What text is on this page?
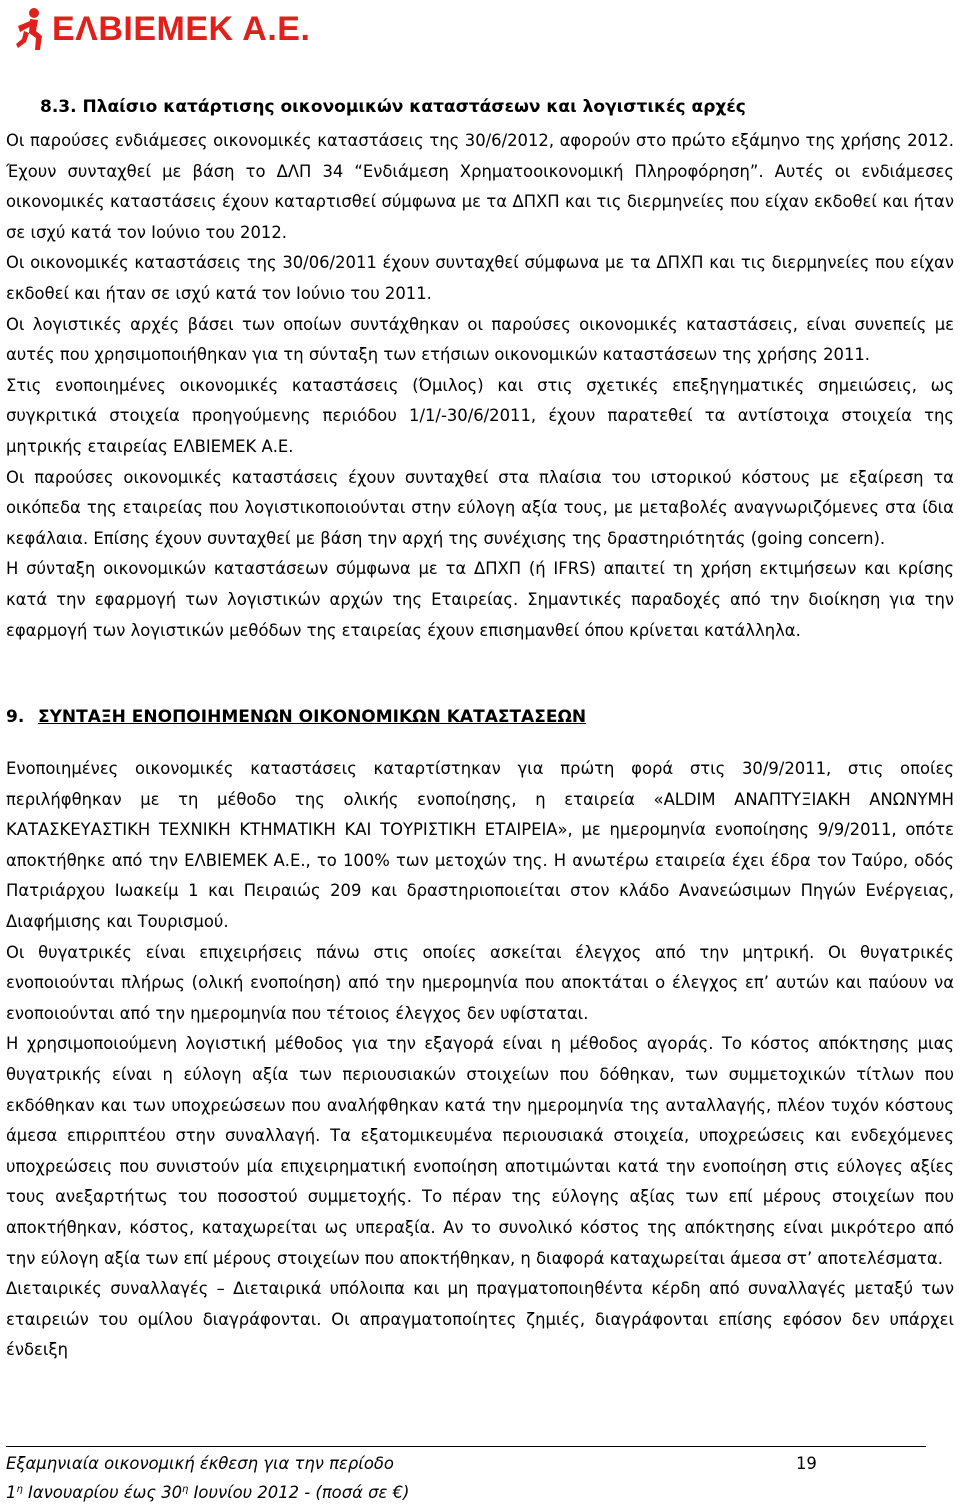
ΕΛΒΙΕΜΕΚ Α.Ε.
8.3. Πλαίσιο κατάρτισης οικονομικών καταστάσεων και λογιστικές αρχές

Οι παρούσες ενδιάμεσες οικονομικές καταστάσεις της 30/6/2012, αφορούν στο πρώτο εξάμηνο της χρήσης 2012. Έχουν συνταχθεί με βάση το ΔΛΠ 34 “Ενδιάμεση Χρηματοοικονομική Πληροφόρηση”. Αυτές οι ενδιάμεσες οικονομικές καταστάσεις έχουν καταρτισθεί σύμφωνα με τα ΔΠΧΠ και τις διερμηνείες που είχαν εκδοθεί και ήταν σε ισχύ κατά τον Ιούνιο του 2012.

Οι οικονομικές καταστάσεις της 30/06/2011 έχουν συνταχθεί σύμφωνα με τα ΔΠΧΠ και τις διερμηνείες που είχαν εκδοθεί και ήταν σε ισχύ κατά τον Ιούνιο του 2011.

Οι λογιστικές αρχές βάσει των οποίων συντάχθηκαν οι παρούσες οικονομικές καταστάσεις, είναι συνεπείς με αυτές που χρησιμοποιήθηκαν για τη σύνταξη των ετήσιων οικονομικών καταστάσεων της χρήσης 2011.

Στις ενοποιημένες οικονομικές καταστάσεις (Όμιλος) και στις σχετικές επεξηγηματικές σημειώσεις, ως συγκριτικά στοιχεία προηγούμενης περιόδου 1/1/-30/6/2011, έχουν παρατεθεί τα αντίστοιχα στοιχεία της μητρικής εταιρείας ΕΛΒΙΕΜΕΚ Α.Ε.

Οι παρούσες οικονομικές καταστάσεις έχουν συνταχθεί στα πλαίσια του ιστορικού κόστους με εξαίρεση τα οικόπεδα της εταιρείας που λογιστικοποιούνται στην εύλογη αξία τους, με μεταβολές αναγνωριζόμενες στα ίδια κεφάλαια. Επίσης έχουν συνταχθεί με βάση την αρχή της συνέχισης της δραστηριότητάς (going concern).

Η σύνταξη οικονομικών καταστάσεων σύμφωνα με τα ΔΠΧΠ (ή IFRS) απαιτεί τη χρήση εκτιμήσεων και κρίσης κατά την εφαρμογή των λογιστικών αρχών της Εταιρείας. Σημαντικές παραδοχές από την διοίκηση για την εφαρμογή των λογιστικών μεθόδων της εταιρείας έχουν επισημανθεί όπου κρίνεται κατάλληλα.

9. ΣΥΝΤΑΞΗ ΕΝΟΠΟΙΗΜΕΝΩΝ ΟΙΚΟΝΟΜΙΚΩΝ ΚΑΤΑΣΤΑΣΕΩΝ

Ενοποιημένες οικονομικές καταστάσεις καταρτίστηκαν για πρώτη φορά στις 30/9/2011, στις οποίες περιλήφθηκαν με τη μέθοδο της ολικής ενοποίησης, η εταιρεία «ALDIM ΑΝΑΠΤΥΞΙΑΚΗ ΑΝΩΝΥΜΗ ΚΑΤΑΣΚΕΥΑΣΤΙΚΗ ΤΕΧΝΙΚΗ ΚΤΗΜΑΤΙΚΗ ΚΑΙ ΤΟΥΡΙΣΤΙΚΗ ΕΤΑΙΡΕΙΑ», με ημερομηνία ενοποίησης 9/9/2011, οπότε αποκτήθηκε από την ΕΛΒΙΕΜΕΚ Α.Ε., το 100% των μετοχών της. Η ανωτέρω εταιρεία έχει έδρα τον Ταύρο, οδός Πατριάρχου Ιωακείμ 1 και Πειραιώς 209 και δραστηριοποιείται στον κλάδο Ανανεώσιμων Πηγών Ενέργειας, Διαφήμισης και Τουρισμού.

Οι θυγατρικές είναι επιχειρήσεις πάνω στις οποίες ασκείται έλεγχος από την μητρική. Οι θυγατρικές ενοποιούνται πλήρως (ολική ενοποίηση) από την ημερομηνία που αποκτάται ο έλεγχος επ’ αυτών και παύουν να ενοποιούνται από την ημερομηνία που τέτοιος έλεγχος δεν υφίσταται.

Η χρησιμοποιούμενη λογιστική μέθοδος για την εξαγορά είναι η μέθοδος αγοράς. Το κόστος απόκτησης μιας θυγατρικής είναι η εύλογη αξία των περιουσιακών στοιχείων που δόθηκαν, των συμμετοχικών τίτλων που εκδόθηκαν και των υποχρεώσεων που αναλήφθηκαν κατά την ημερομηνία της ανταλλαγής, πλέον τυχόν κόστους άμεσα επιρριπτέου στην συναλλαγή. Τα εξατομικευμένα περιουσιακά στοιχεία, υποχρεώσεις και ενδεχόμενες υποχρεώσεις που συνιστούν μία επιχειρηματική ενοποίηση αποτιμώνται κατά την ενοποίηση στις εύλογες αξίες τους ανεξαρτήτως του ποσοστού συμμετοχής. Το πέραν της εύλογης αξίας των επί μέρους στοιχείων που αποκτήθηκαν, κόστος, καταχωρείται ως υπεραξία. Αν το συνολικό κόστος της απόκτησης είναι μικρότερο από την εύλογη αξία των επί μέρους στοιχείων που αποκτήθηκαν, η διαφορά καταχωρείται άμεσα στ’ αποτελέσματα.

Διεταιρικές συναλλαγές – Διεταιρικά υπόλοιπα και μη πραγματοποιηθέντα κέρδη από συναλλαγές μεταξύ των εταιρειών του ομίλου διαγράφονται. Οι απραγματοποίητες ζημιές, διαγράφονται επίσης εφόσον δεν υπάρχει ένδειξη

Εξαμηνιαία οικονομική έκθεση για την περίοδο	19
$1^\eta$ Ιανουαρίου έως $30^\eta$ Ιουνίου 2012 - (ποσά σε €)
